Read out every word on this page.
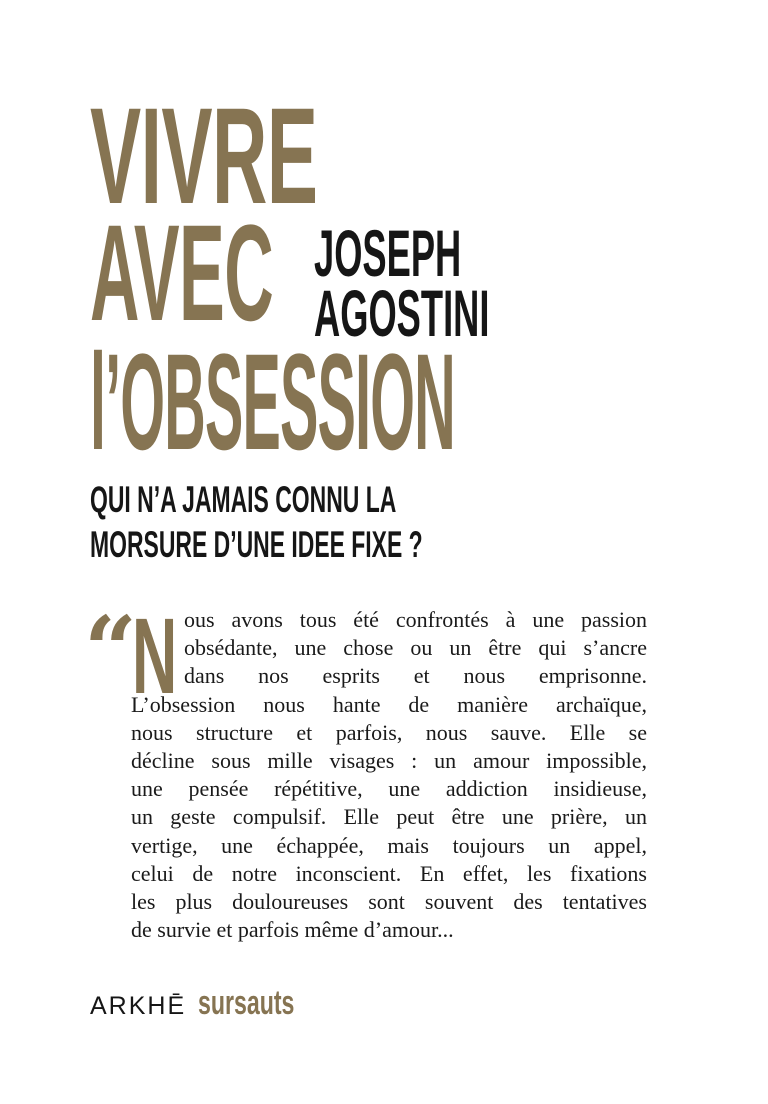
VIVRE
AVEC
l’OBSESSION
JOSEPH
AGOSTINI
QUI N’A JAMAIS CONNU LA
MORSURE D’UNE IDEE FIXE ?
“
N ous avons tous été confrontés à une passion
obsédante, une chose ou un être qui s’ancre
dans nos esprits et nous emprisonne.
L’obsession nous hante de manière archaïque,
nous structure et parfois, nous sauve. Elle se
décline sous mille visages : un amour impossible,
une pensée répétitive, une addiction insidieuse,
un geste compulsif. Elle peut être une prière, un
vertige, une échappée, mais toujours un appel,
celui de notre inconscient. En effet, les fixations
les plus douloureuses sont souvent des tentatives
de survie et parfois même d’amour...
ARKHĒ sursauts
